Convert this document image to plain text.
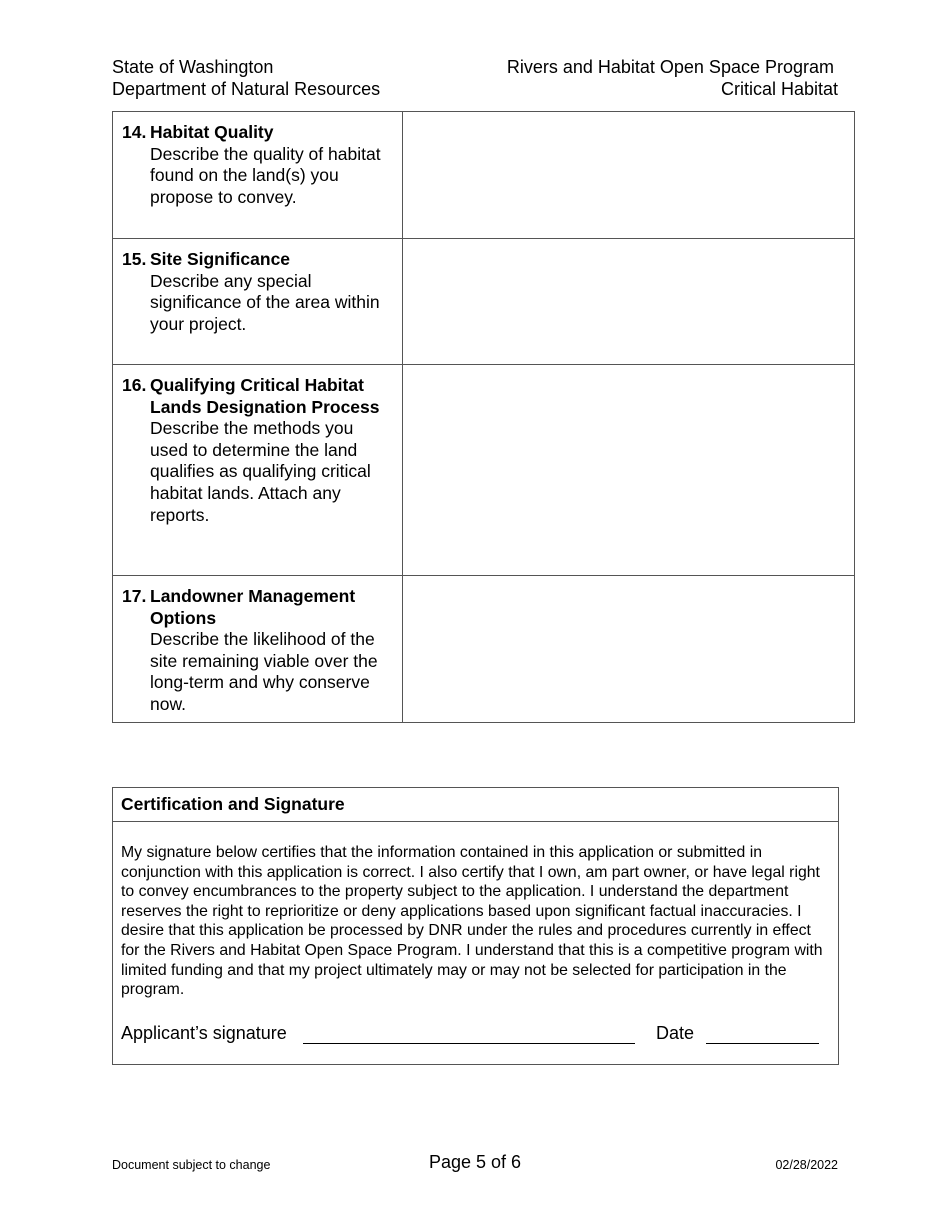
State of Washington
Department of Natural Resources
Rivers and Habitat Open Space Program
Critical Habitat
14. Habitat Quality
Describe the quality of habitat found on the land(s) you propose to convey.	

15. Site Significance
Describe any special significance of the area within your project.	

16. Qualifying Critical Habitat Lands Designation Process
Describe the methods you used to determine the land qualifies as qualifying critical habitat lands. Attach any reports.	

17. Landowner Management Options
Describe the likelihood of the site remaining viable over the long-term and why conserve now.	
Certification and Signature
My signature below certifies that the information contained in this application or submitted in conjunction with this application is correct. I also certify that I own, am part owner, or have legal right to convey encumbrances to the property subject to the application. I understand the department reserves the right to reprioritize or deny applications based upon significant factual inaccuracies. I desire that this application be processed by DNR under the rules and procedures currently in effect for the Rivers and Habitat Open Space Program. I understand that this is a competitive program with limited funding and that my project ultimately may or may not be selected for participation in the program.
Applicant’s signature	Date
Document subject to change	Page 5 of 6	02/28/2022
